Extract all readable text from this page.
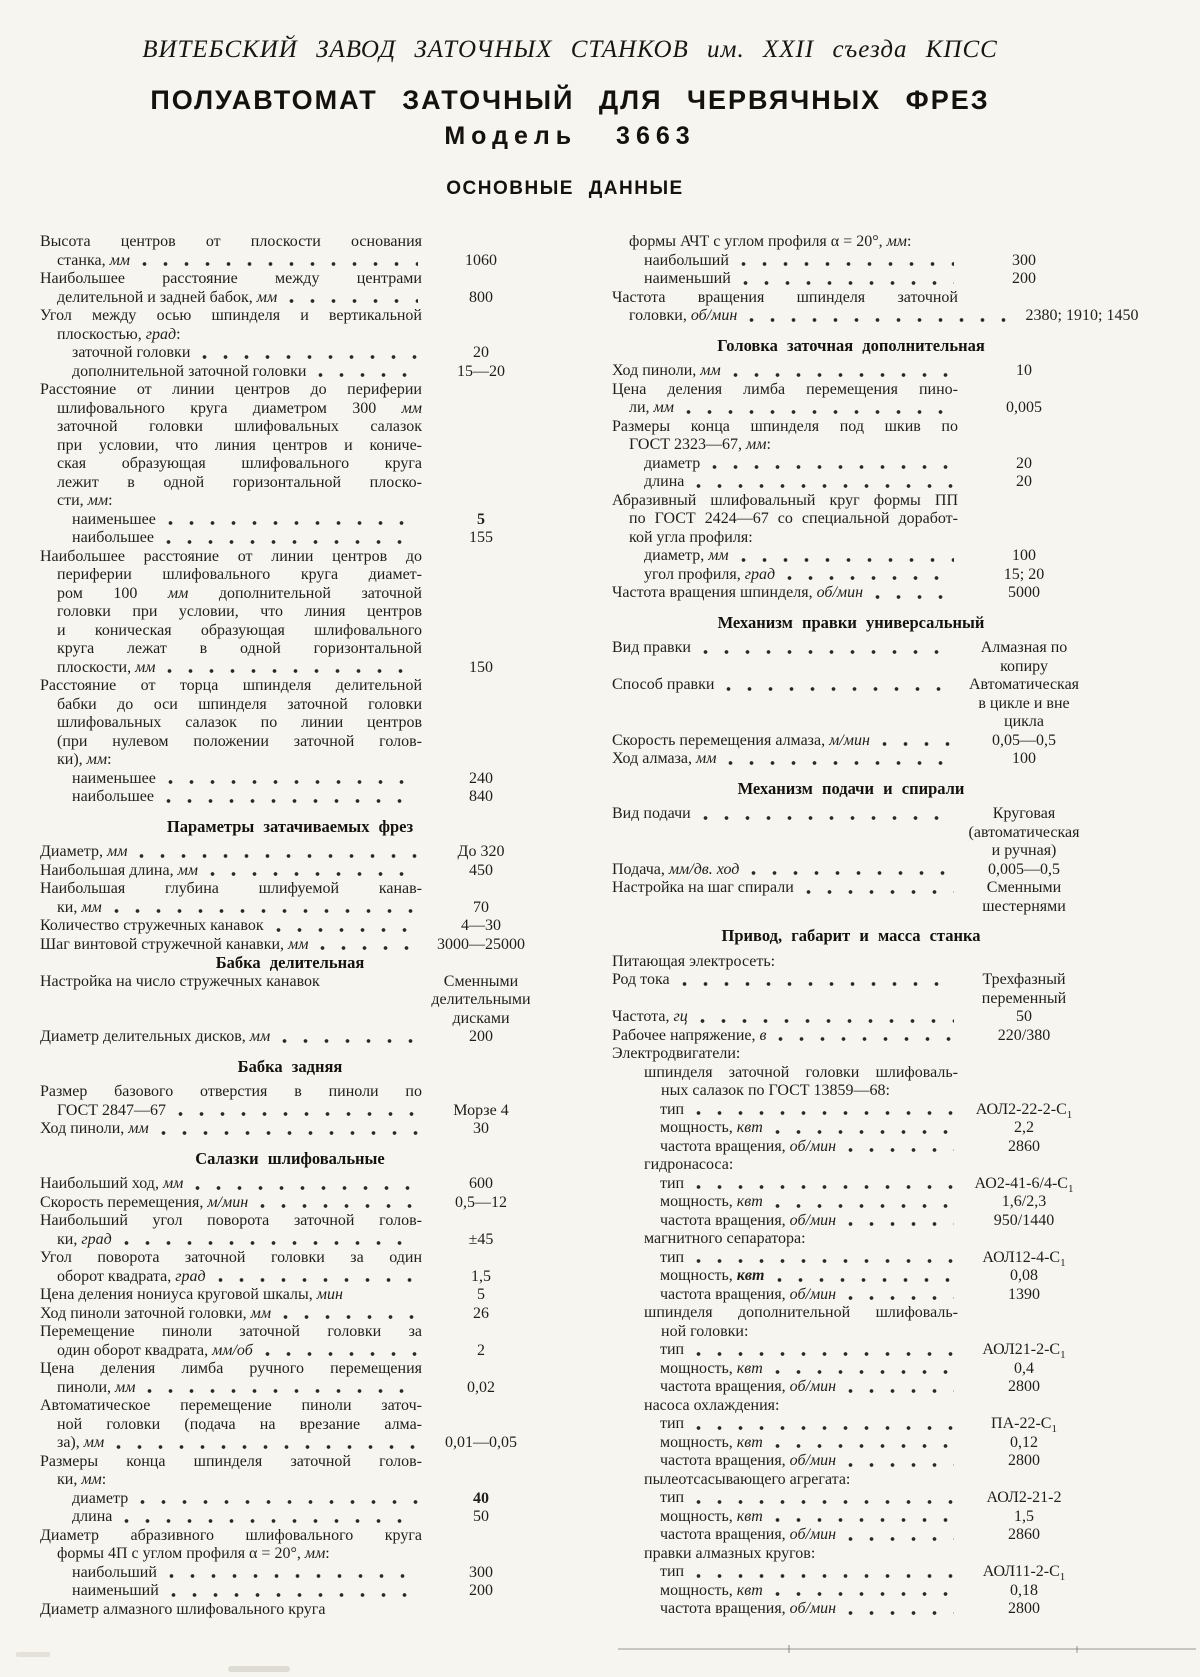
ВИТЕБСКИЙ ЗАВОД ЗАТОЧНЫХ СТАНКОВ им. XXII съезда КПСС
ПОЛУАВТОМАТ ЗАТОЧНЫЙ ДЛЯ ЧЕРВЯЧНЫХ ФРЕЗ
Модель 3663
ОСНОВНЫЕ ДАННЫЕ
Высота центров от плоскости основания
станка, мм	1060
Наибольшее расстояние между центрами
делительной и задней бабок, мм	800
Угол между осью шпинделя и вертикальной
плоскостью, град:
заточной головки	20
дополнительной заточной головки	15—20
Расстояние от линии центров до периферии
шлифовального круга диаметром 300 мм
заточной головки шлифовальных салазок
при условии, что линия центров и кониче-
ская образующая шлифовального круга
лежит в одной горизонтальной плоско-
сти, мм:
наименьшее	5
наибольшее	155
Наибольшее расстояние от линии центров до
периферии шлифовального круга диамет-
ром 100 мм дополнительной заточной
головки при условии, что линия центров
и коническая образующая шлифовального
круга лежат в одной горизонтальной
плоскости, мм	150
Расстояние от торца шпинделя делительной
бабки до оси шпинделя заточной головки
шлифовальных салазок по линии центров
(при нулевом положении заточной голов-
ки), мм:
наименьшее	240
наибольшее	840
Параметры затачиваемых фрез
Диаметр, мм	До 320
Наибольшая длина, мм	450
Наибольшая глубина шлифуемой канав-
ки, мм	70
Количество стружечных канавок	4—30
Шаг винтовой стружечной канавки, мм	3000—25000
Бабка делительная
Настройка на число стружечных канавок	Сменными
делительными
дисками
Диаметр делительных дисков, мм	200
Бабка задняя
Размер базового отверстия в пиноли по
ГОСТ 2847—67	Морзе 4
Ход пиноли, мм	30
Салазки шлифовальные
Наибольший ход, мм	600
Скорость перемещения, м/мин	0,5—12
Наибольший угол поворота заточной голов-
ки, град	±45
Угол поворота заточной головки за один
оборот квадрата, град	1,5
Цена деления нониуса круговой шкалы, мин	5
Ход пиноли заточной головки, мм	26
Перемещение пиноли заточной головки за
один оборот квадрата, мм/об	2
Цена деления лимба ручного перемещения
пиноли, мм	0,02
Автоматическое перемещение пиноли заточ-
ной головки (подача на врезание алма-
за), мм	0,01—0,05
Размеры конца шпинделя заточной голов-
ки, мм:
диаметр	40
длина	50
Диаметр абразивного шлифовального круга
формы 4П с углом профиля α = 20°, мм:
наибольший	300
наименьший	200
Диаметр алмазного шлифовального круга
формы АЧТ с углом профиля α = 20°, мм:
наибольший	300
наименьший	200
Частота вращения шпинделя заточной
головки, об/мин	2380; 1910; 1450
Головка заточная дополнительная
Ход пиноли, мм	10
Цена деления лимба перемещения пино-
ли, мм	0,005
Размеры конца шпинделя под шкив по
ГОСТ 2323—67, мм:
диаметр	20
длина	20
Абразивный шлифовальный круг формы ПП
по ГОСТ 2424—67 со специальной доработ-
кой угла профиля:
диаметр, мм	100
угол профиля, град	15; 20
Частота вращения шпинделя, об/мин	5000
Механизм правки универсальный
Вид правки	Алмазная по
копиру
Способ правки	Автоматическая
в цикле и вне
цикла
Скорость перемещения алмаза, м/мин	0,05—0,5
Ход алмаза, мм	100
Механизм подачи и спирали
Вид подачи	Круговая
(автоматическая
и ручная)
Подача, мм/дв. ход	0,005—0,5
Настройка на шаг спирали	Сменными
шестернями
Привод, габарит и масса станка
Питающая электросеть:
Род тока	Трехфазный
переменный
Частота, гц	50
Рабочее напряжение, в	220/380
Электродвигатели:
шпинделя заточной головки шлифоваль-
ных салазок по ГОСТ 13859—68:
тип	$АОЛ2-22-2-С_1$
мощность, квт	2,2
частота вращения, об/мин	2860
гидронасоса:
тип	$АО2-41-6/4-С_1$
мощность, квт	1,6/2,3
частота вращения, об/мин	950/1440
магнитного сепаратора:
тип	$АОЛ12-4-С_1$
мощность, квт	0,08
частота вращения, об/мин	1390
шпинделя дополнительной шлифоваль-
ной головки:
тип	$АОЛ21-2-С_1$
мощность, квт	0,4
частота вращения, об/мин	2800
насоса охлаждения:
тип	$ПА-22-С_1$
мощность, квт	0,12
частота вращения, об/мин	2800
пылеотсасывающего агрегата:
тип	АОЛ2-21-2
мощность, квт	1,5
частота вращения, об/мин	2860
правки алмазных кругов:
тип	$АОЛ11-2-С_1$
мощность, квт	0,18
частота вращения, об/мин	2800
